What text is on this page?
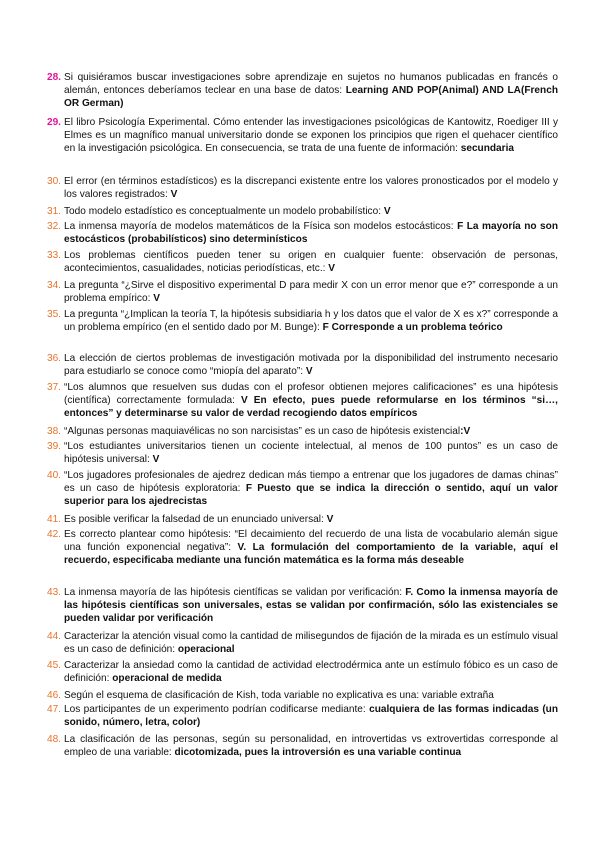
28. Si quisiéramos buscar investigaciones sobre aprendizaje en sujetos no humanos publicadas en francés o alemán, entonces deberíamos teclear en una base de datos: Learning AND POP(Animal) AND LA(French OR German)
29. El libro Psicología Experimental. Cómo entender las investigaciones psicológicas de Kantowitz, Roediger III y Elmes es un magnífico manual universitario donde se exponen los principios que rigen el quehacer científico en la investigación psicológica. En consecuencia, se trata de una fuente de información: secundaria
30. El error (en términos estadísticos) es la discrepanci existente entre los valores pronosticados por el modelo y los valores registrados: V
31. Todo modelo estadístico es conceptualmente un modelo probabilístico: V
32. La inmensa mayoría de modelos matemáticos de la Física son modelos estocásticos: F La mayoría no son estocásticos (probabilísticos) sino determinísticos
33. Los problemas científicos pueden tener su origen en cualquier fuente: observación de personas, acontecimientos, casualidades, noticias periodísticas, etc.: V
34. La pregunta “¿Sirve el dispositivo experimental D para medir X con un error menor que e?” corresponde a un problema empírico: V
35. La pregunta “¿Implican la teoría T, la hipótesis subsidiaria h y los datos que el valor de X es x?” corresponde a un problema empírico (en el sentido dado por M. Bunge): F Corresponde a un problema teórico
36. La elección de ciertos problemas de investigación motivada por la disponibilidad del instrumento necesario para estudiarlo se conoce como “miopía del aparato”: V
37. “Los alumnos que resuelven sus dudas con el profesor obtienen mejores calificaciones” es una hipótesis (científica) correctamente formulada: V En efecto, pues puede reformularse en los términos “si…, entonces” y determinarse su valor de verdad recogiendo datos empíricos
38. “Algunas personas maquiavélicas no son narcisistas” es un caso de hipótesis existencial:V
39. “Los estudiantes universitarios tienen un cociente intelectual, al menos de 100 puntos” es un caso de hipótesis universal: V
40. “Los jugadores profesionales de ajedrez dedican más tiempo a entrenar que los jugadores de damas chinas” es un caso de hipótesis exploratoria: F Puesto que se indica la dirección o sentido, aquí un valor superior para los ajedrecistas
41. Es posible verificar la falsedad de un enunciado universal: V
42. Es correcto plantear como hipótesis: “El decaimiento del recuerdo de una lista de vocabulario alemán sigue una función exponencial negativa”: V. La formulación del comportamiento de la variable, aquí el recuerdo, especificaba mediante una función matemática es la forma más deseable
43. La inmensa mayoría de las hipótesis científicas se validan por verificación: F. Como la inmensa mayoría de las hipótesis científicas son universales, estas se validan por confirmación, sólo las existenciales se pueden validar por verificación
44. Caracterizar la atención visual como la cantidad de milisegundos de fijación de la mirada es un estímulo visual es un caso de definición: operacional
45. Caracterizar la ansiedad como la cantidad de actividad electrodérmica ante un estímulo fóbico es un caso de definición: operacional de medida
46. Según el esquema de clasificación de Kish, toda variable no explicativa es una: variable extraña
47. Los participantes de un experimento podrían codificarse mediante: cualquiera de las formas indicadas (un sonido, número, letra, color)
48. La clasificación de las personas, según su personalidad, en introvertidas vs extrovertidas corresponde al empleo de una variable: dicotomizada, pues la introversión es una variable continua
